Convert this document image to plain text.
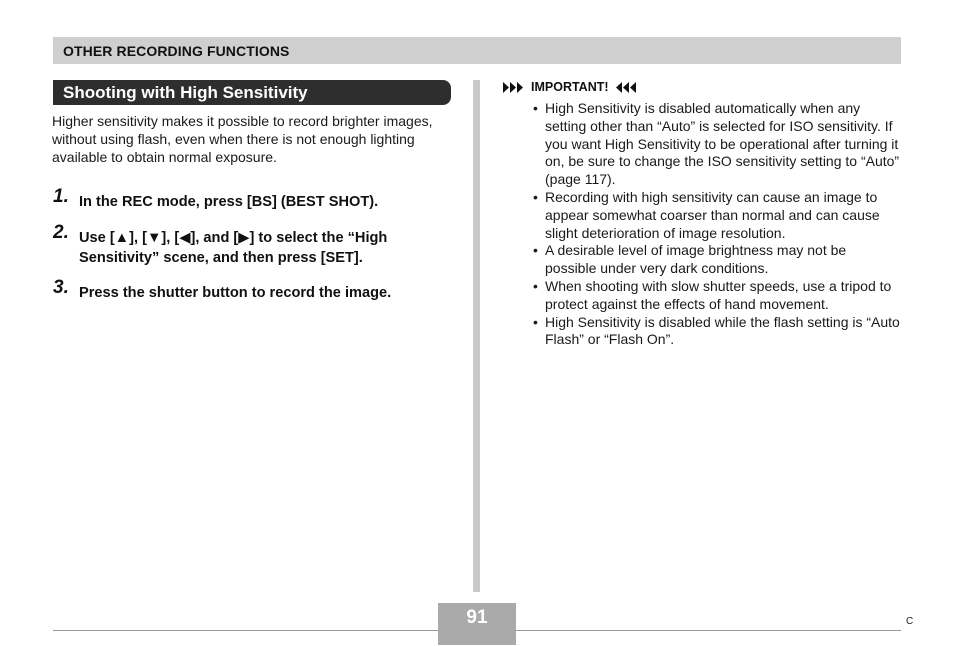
OTHER RECORDING FUNCTIONS
Shooting with High Sensitivity
Higher sensitivity makes it possible to record brighter images, without using flash, even when there is not enough lighting available to obtain normal exposure.
1. In the REC mode, press [BS] (BEST SHOT).
2. Use [▲], [▼], [◀], and [▶] to select the “High Sensitivity” scene, and then press [SET].
3. Press the shutter button to record the image.
IMPORTANT!
• High Sensitivity is disabled automatically when any setting other than “Auto” is selected for ISO sensitivity. If you want High Sensitivity to be operational after turning it on, be sure to change the ISO sensitivity setting to “Auto” (page 117).
• Recording with high sensitivity can cause an image to appear somewhat coarser than normal and can cause slight deterioration of image resolution.
• A desirable level of image brightness may not be possible under very dark conditions.
• When shooting with slow shutter speeds, use a tripod to protect against the effects of hand movement.
• High Sensitivity is disabled while the flash setting is “Auto Flash” or “Flash On”.
91	C
